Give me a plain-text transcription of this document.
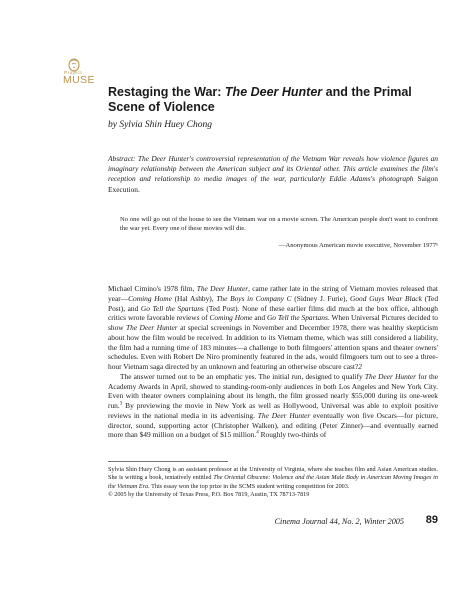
Project
MUSE
Restaging the War: The Deer Hunter and the Primal Scene of Violence
by Sylvia Shin Huey Chong
Abstract: The Deer Hunter's controversial representation of the Vietnam War reveals how violence figures an imaginary relationship between the American subject and its Oriental other. This article examines the film's reception and relationship to media images of the war, particularly Eddie Adams's photograph Saigon Execution.
No one will go out of the house to see the Vietnam war on a movie screen. The American people don't want to confront the war yet. Every one of these movies will die.
—Anonymous American movie executive, November 1977¹

Michael Cimino's 1978 film, The Deer Hunter, came rather late in the string of Vietnam movies released that year—Coming Home (Hal Ashby), The Boys in Company C (Sidney J. Furie), Good Guys Wear Black (Ted Post), and Go Tell the Spartans (Ted Post). None of these earlier films did much at the box office, although critics wrote favorable reviews of Coming Home and Go Tell the Spartans. When Universal Pictures decided to show The Deer Hunter at special screenings in November and December 1978, there was healthy skepticism about how the film would be received. In addition to its Vietnam theme, which was still considered a liability, the film had a running time of 183 minutes—a challenge to both filmgoers' attention spans and theater owners' schedules. Even with Robert De Niro prominently featured in the ads, would filmgoers turn out to see a three-hour Vietnam saga directed by an unknown and featuring an otherwise obscure cast?2

The answer turned out to be an emphatic yes. The initial run, designed to qualify The Deer Hunter for the Academy Awards in April, showed to standing-room-only audiences in both Los Angeles and New York City. Even with theater owners complaining about its length, the film grossed nearly $55,000 during its one-week run.$^3$ By previewing the movie in New York as well as Hollywood, Universal was able to exploit positive reviews in the national media in its advertising. The Deer Hunter eventually won five Oscars—for picture, director, sound, supporting actor (Christopher Walken), and editing (Peter Zinner)—and eventually earned more than $49 million on a budget of $15 million.$^4$ Roughly two-thirds of

Sylvia Shin Huey Chong is an assistant professor at the University of Virginia, where she teaches film and Asian American studies. She is writing a book, tentatively entitled The Oriental Obscene: Violence and the Asian Male Body in American Moving Images in the Vietnam Era. This essay won the top prize in the SCMS student writing competition for 2003.
© 2005 by the University of Texas Press, P.O. Box 7819, Austin, TX 78713-7819
Cinema Journal 44, No. 2, Winter 2005	89
